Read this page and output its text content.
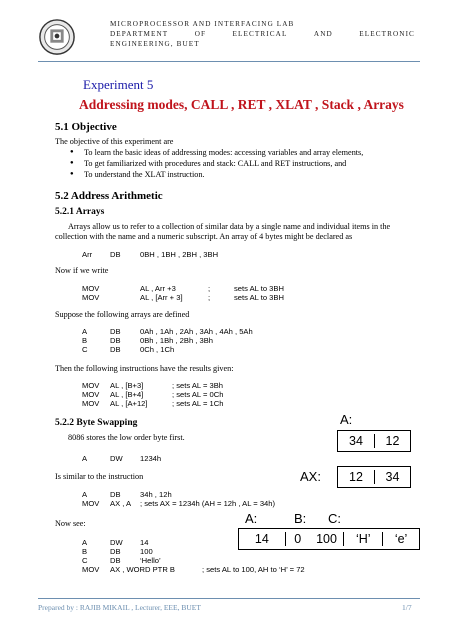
MICROPROCESSOR AND INTERFACING LAB
DEPARTMENT	OF	ELECTRICAL	AND	ELECTRONIC
ENGINEERING, BUET
Experiment 5
Addressing modes, CALL , RET , XLAT , Stack , Arrays
5.1 Objective
The objective of this experiment are
● To learn the basic ideas of addressing modes: accessing variables and array elements,
● To get familiarized with procedures and stack: CALL and RET instructions, and
● To understand the XLAT instruction.
5.2 Address Arithmetic
5.2.1 Arrays
Arrays allow us to refer to a collection of similar data by a single name and individual items in the
collection with the name and a numeric subscript. An array of 4 bytes might be declared as
Arr DB	0BH , 1BH , 2BH , 3BH
Now if we write
MOV	AL , Arr +3	;	sets AL to 3BH
MOV	AL , [Arr + 3]	;	sets AL to 3BH
Suppose the following arrays are defined
A	DB	0Ah , 1Ah , 2Ah , 3Ah , 4Ah , 5Ah
B	DB	0Bh , 1Bh , 2Bh , 3Bh
C	DB	0Ch , 1Ch
Then the following instructions have the results given:
MOV AL , [B+3]	; sets AL = 3Bh
MOV AL , [B+4]	; sets AL = 0Ch
MOV AL , [A+12]	; sets AL = 1Ch
5.2.2 Byte Swapping
8086 stores the low order byte first.
A	DW 1234h
Is similar to the instruction
A	DB	34h , 12h
MOV AX , A ; sets AX = 1234h (AH = 12h , AL = 34h)
Now see:
A	DW 14
B	DB	100
C	DB	‘Hello’
MOV AX , WORD PTR B	; sets AL to 100, AH to ‘H’ = 72
A:
34	12
AX:	12	34
A:	B: C:
14	0	100	‘H’	‘e’
Prepared by : RAJIB MIKAIL , Lecturer, EEE, BUET	1/7
